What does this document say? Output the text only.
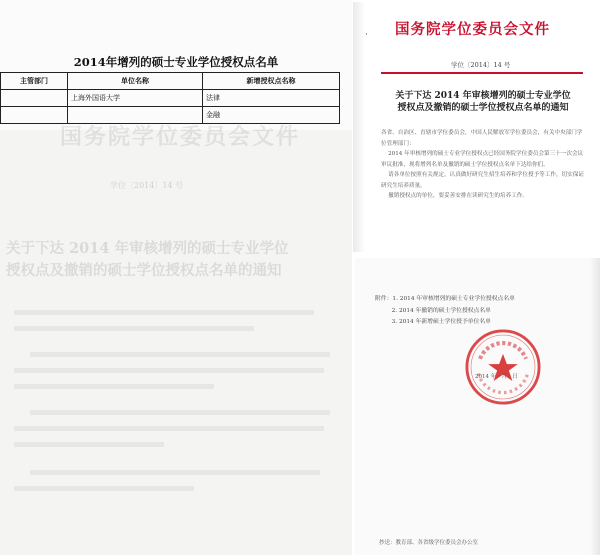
2014年增列的硕士专业学位授权点名单
主管部门	单位名称	新增授权点名称
	上海外国语大学	法律
		金融
国务院学位委员会文件
学位〔2014〕14 号
关于下达 2014 年审核增列的硕士专业学位
授权点及撤销的硕士学位授权点名单的通知
· 国务院学位委员会文件
学位〔2014〕14 号
关于下达 2014 年审核增列的硕士专业学位
授权点及撤销的硕士学位授权点名单的通知
各省、自治区、直辖市学位委员会，中国人民解放军学位委员会，有关中央部门学位管理部门：
2014 年审核增列的硕士专业学位授权点已经国务院学位委员会第三十一次会议审议批准，现将增列名单及撤销的硕士学位授权点名单下达给你们。
请各单位按照有关规定，认真做好研究生招生培养和学位授予等工作，切实保证研究生培养质量。
撤销授权点的单位，要妥善安排在读研究生的培养工作。
附件：1. 2014 年审核增列的硕士专业学位授权点名单
2. 2014 年撤销的硕士学位授权点名单
3. 2014 年新增硕士学位授予单位名单
2014 年 · 月 · 日
抄送：教育部、各省级学位委员会办公室
